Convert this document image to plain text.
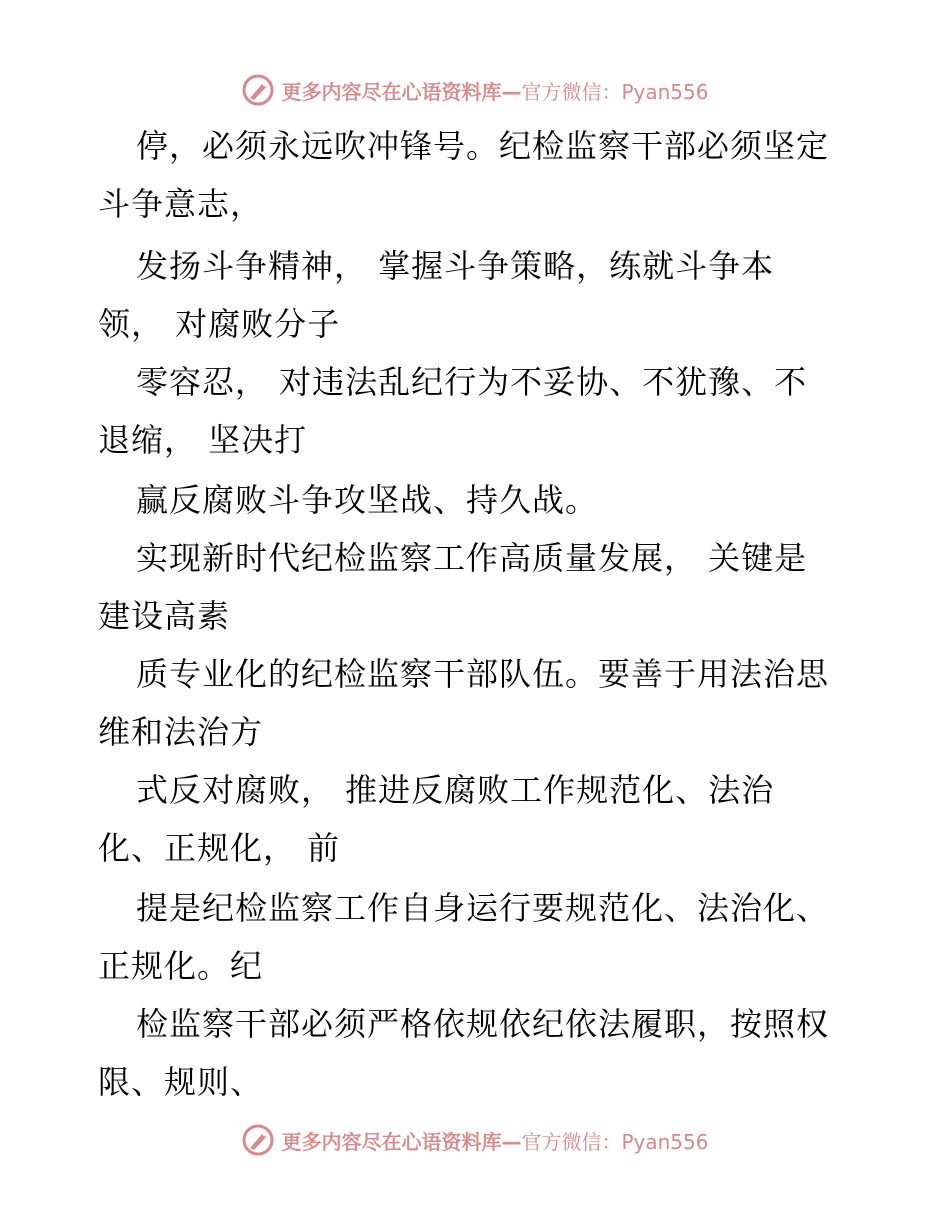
更多内容尽在心语资料库—官方微信：Pyan556
停，必须永远吹冲锋号。纪检监察干部必须坚定
斗争意志，
发扬斗争精神， 掌握斗争策略，练就斗争本
领， 对腐败分子
零容忍， 对违法乱纪行为不妥协、不犹豫、不
退缩， 坚决打
赢反腐败斗争攻坚战、持久战。
实现新时代纪检监察工作高质量发展， 关键是
建设高素
质专业化的纪检监察干部队伍。要善于用法治思
维和法治方
式反对腐败， 推进反腐败工作规范化、法治
化、正规化， 前
提是纪检监察工作自身运行要规范化、法治化、
正规化。纪
检监察干部必须严格依规依纪依法履职，按照权
限、规则、
更多内容尽在心语资料库—官方微信：Pyan556
